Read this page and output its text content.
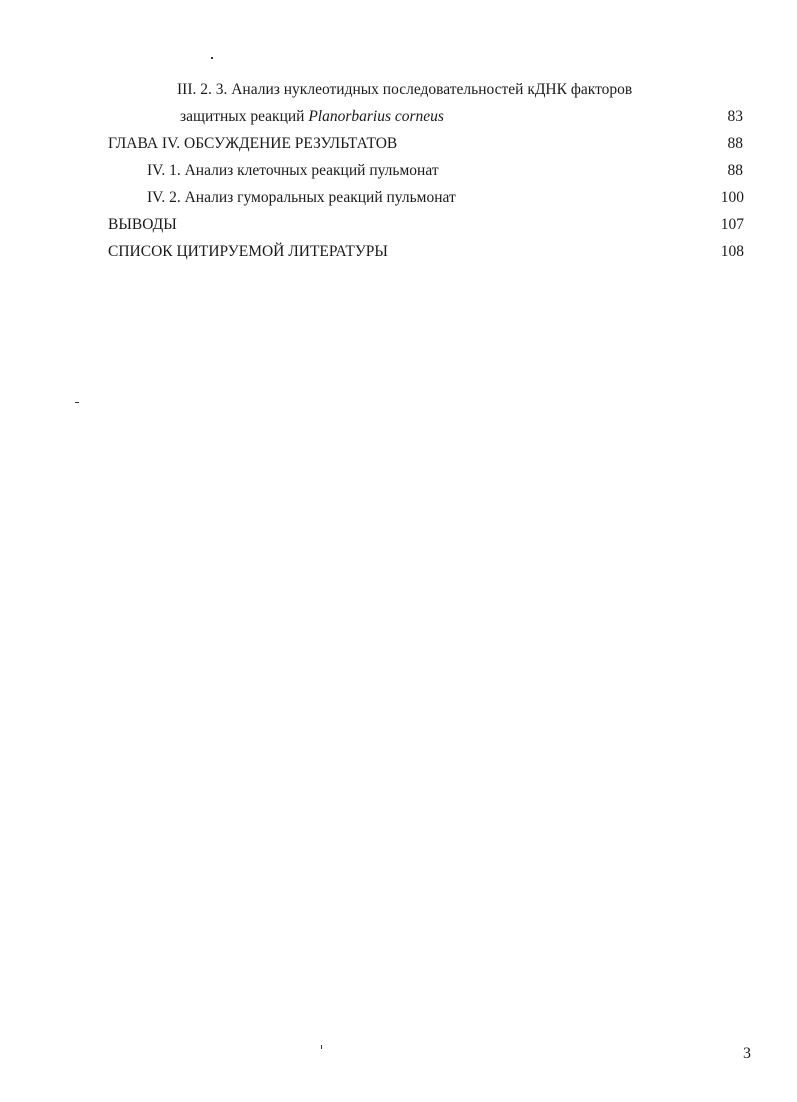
III. 2. 3. Анализ нуклеотидных последовательностей кДНК факторов
защитных реакций Planorbarius corneus	83
ГЛАВА IV. ОБСУЖДЕНИЕ РЕЗУЛЬТАТОВ	88
IV. 1. Анализ клеточных реакций пульмонат	88
IV. 2. Анализ гуморальных реакций пульмонат	100
ВЫВОДЫ	107
СПИСОК ЦИТИРУЕМОЙ ЛИТЕРАТУРЫ	108
3
